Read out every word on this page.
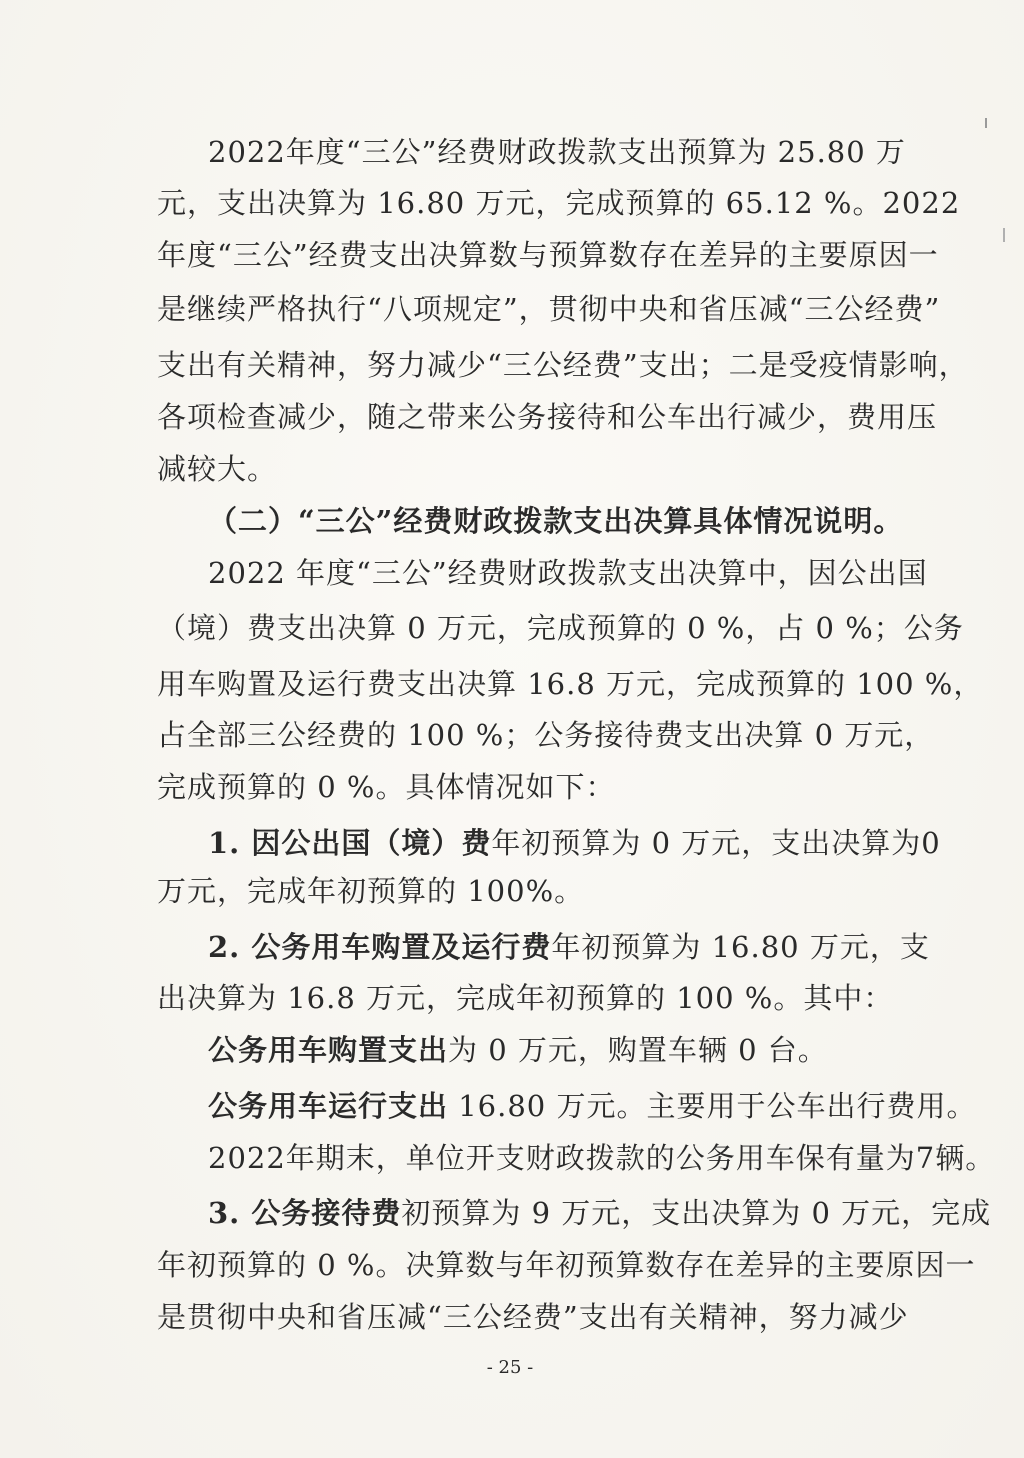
2022年度“三公”经费财政拨款支出预算为 25.80 万
元，支出决算为 16.80 万元，完成预算的 65.12 %。2022
年度“三公”经费支出决算数与预算数存在差异的主要原因一
是继续严格执行“八项规定”，贯彻中央和省压减“三公经费”
支出有关精神，努力减少“三公经费”支出；二是受疫情影响，
各项检查减少，随之带来公务接待和公车出行减少，费用压
减较大。
（二）“三公”经费财政拨款支出决算具体情况说明。
2022 年度“三公”经费财政拨款支出决算中，因公出国
（境）费支出决算 0 万元，完成预算的 0 %，占 0 %；公务
用车购置及运行费支出决算 16.8 万元，完成预算的 100 %，
占全部三公经费的 100 %；公务接待费支出决算 0 万元，
完成预算的 0 %。具体情况如下：
1. 因公出国（境）费年初预算为 0 万元，支出决算为0
万元，完成年初预算的 100%。
2. 公务用车购置及运行费年初预算为 16.80 万元，支
出决算为 16.8 万元，完成年初预算的 100 %。其中：
公务用车购置支出为 0 万元，购置车辆 0 台。
公务用车运行支出 16.80 万元。主要用于公车出行费用。
2022年期末，单位开支财政拨款的公务用车保有量为7辆。
3. 公务接待费初预算为 9 万元，支出决算为 0 万元，完成
年初预算的 0 %。决算数与年初预算数存在差异的主要原因一
是贯彻中央和省压减“三公经费”支出有关精神，努力减少
- 25 -
